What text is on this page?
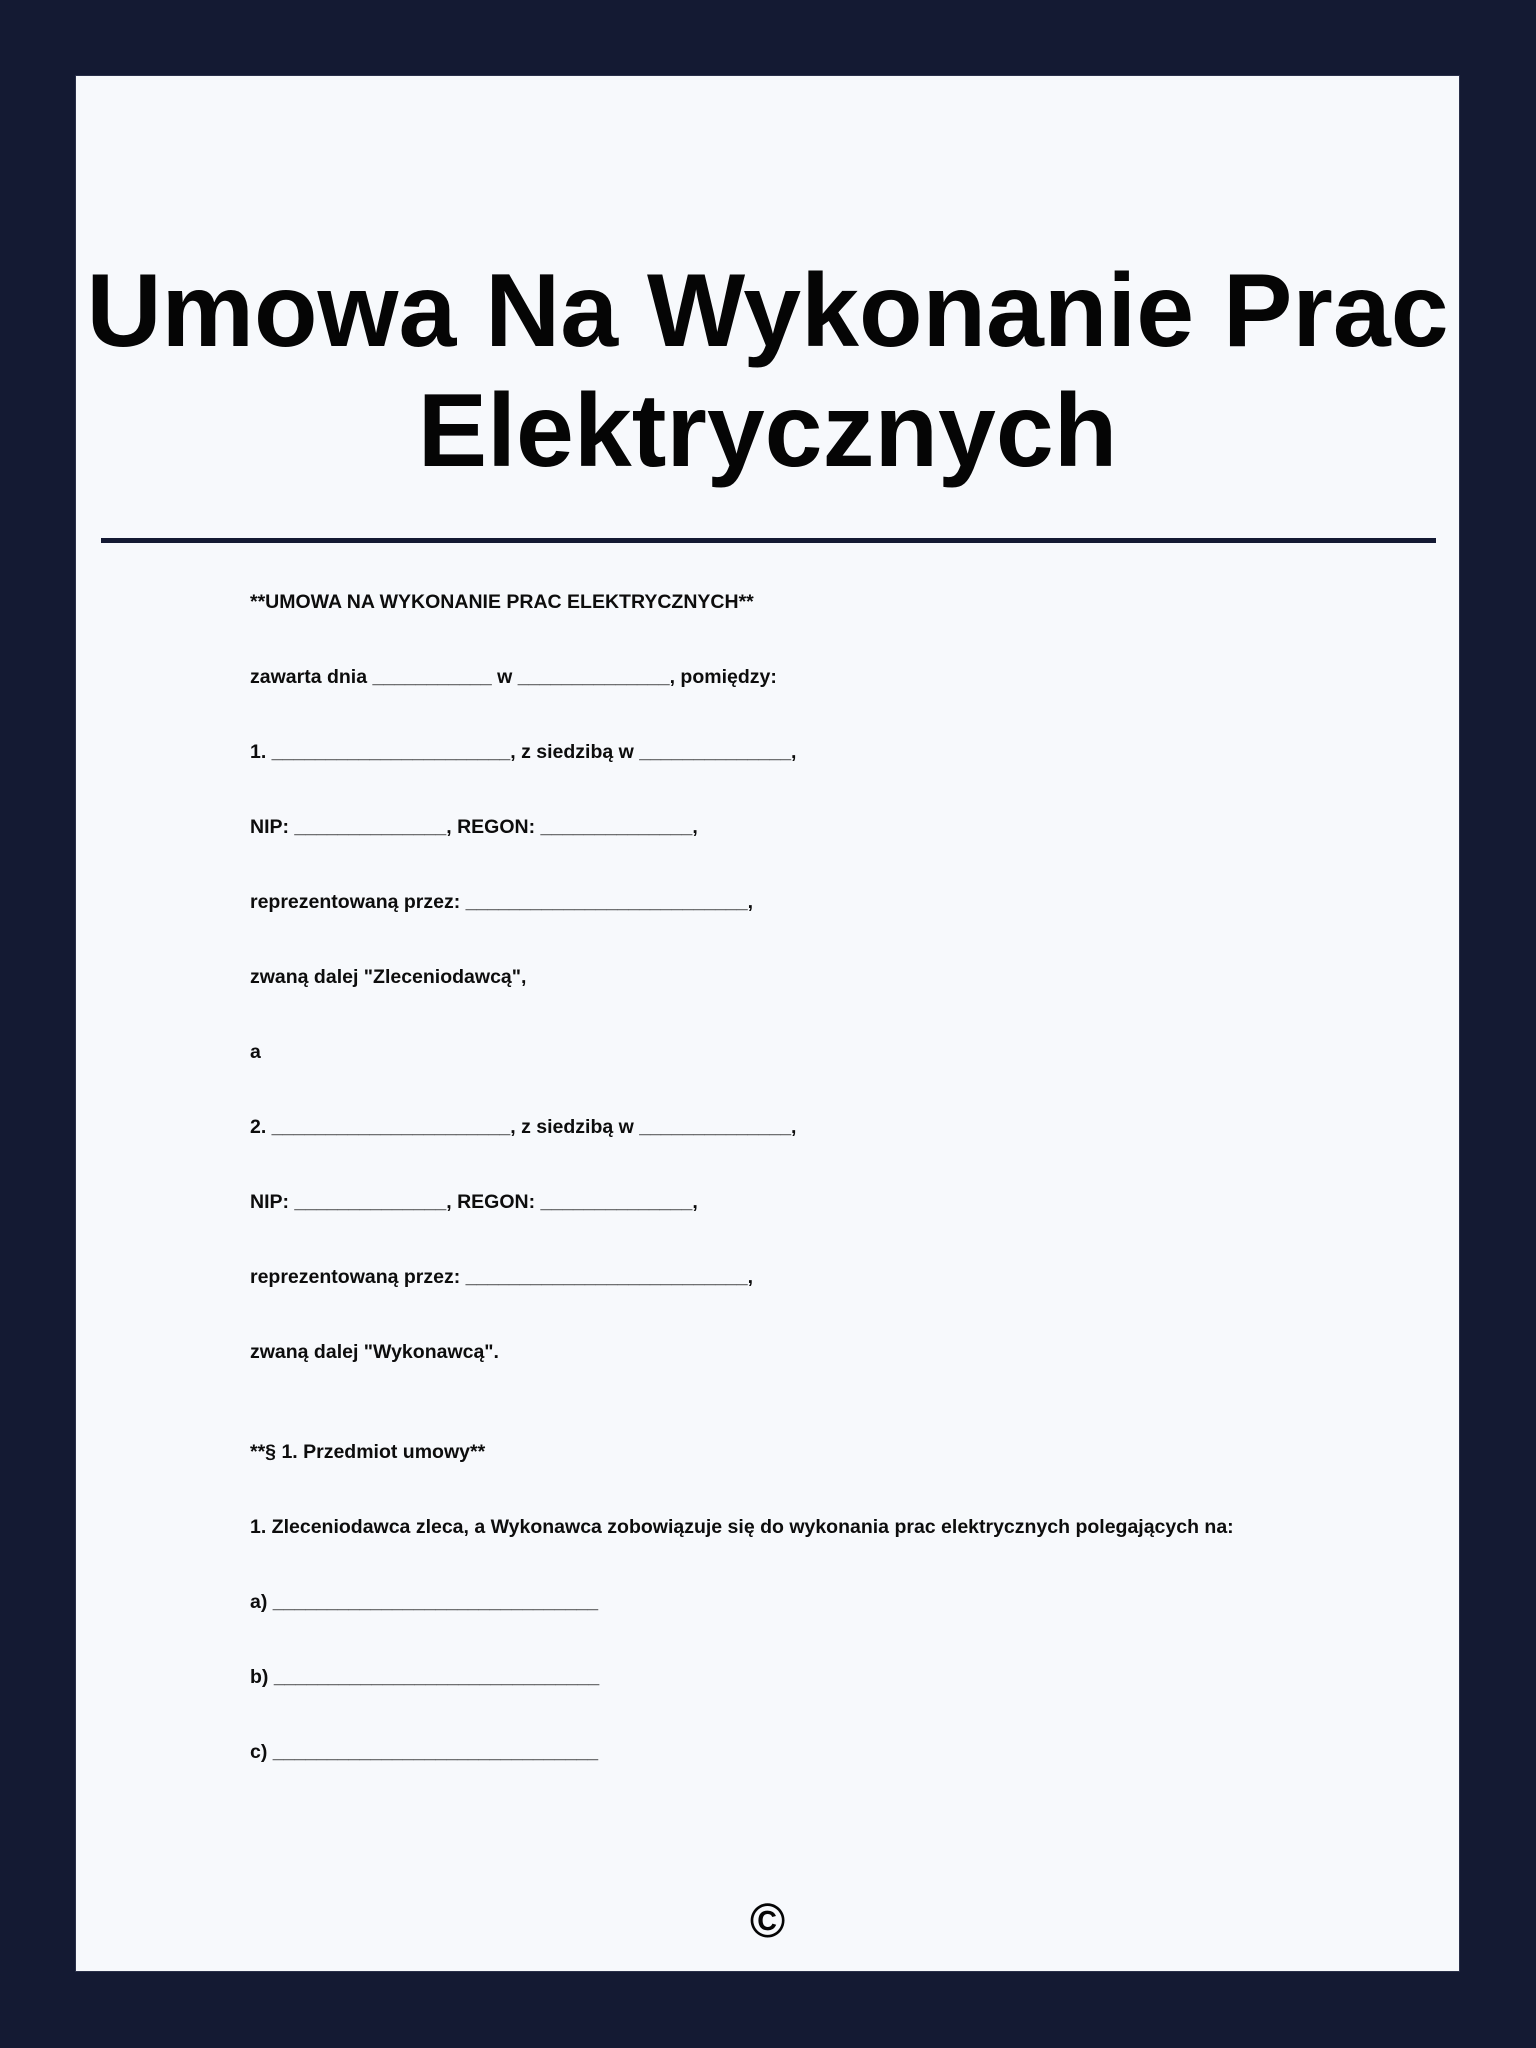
Umowa Na Wykonanie Prac
Elektrycznych
**UMOWA NA WYKONANIE PRAC ELEKTRYCZNYCH**
zawarta dnia ___________ w ______________, pomiędzy:
1. ______________________, z siedzibą w ______________,
NIP: ______________, REGON: ______________,
reprezentowaną przez: __________________________,
zwaną dalej "Zleceniodawcą",
a
2. ______________________, z siedzibą w ______________,
NIP: ______________, REGON: ______________,
reprezentowaną przez: __________________________,
zwaną dalej "Wykonawcą".
**§ 1. Przedmiot umowy**
1. Zleceniodawca zleca, a Wykonawca zobowiązuje się do wykonania prac elektrycznych polegających na:
a) ______________________________
b) ______________________________
c) ______________________________
©
